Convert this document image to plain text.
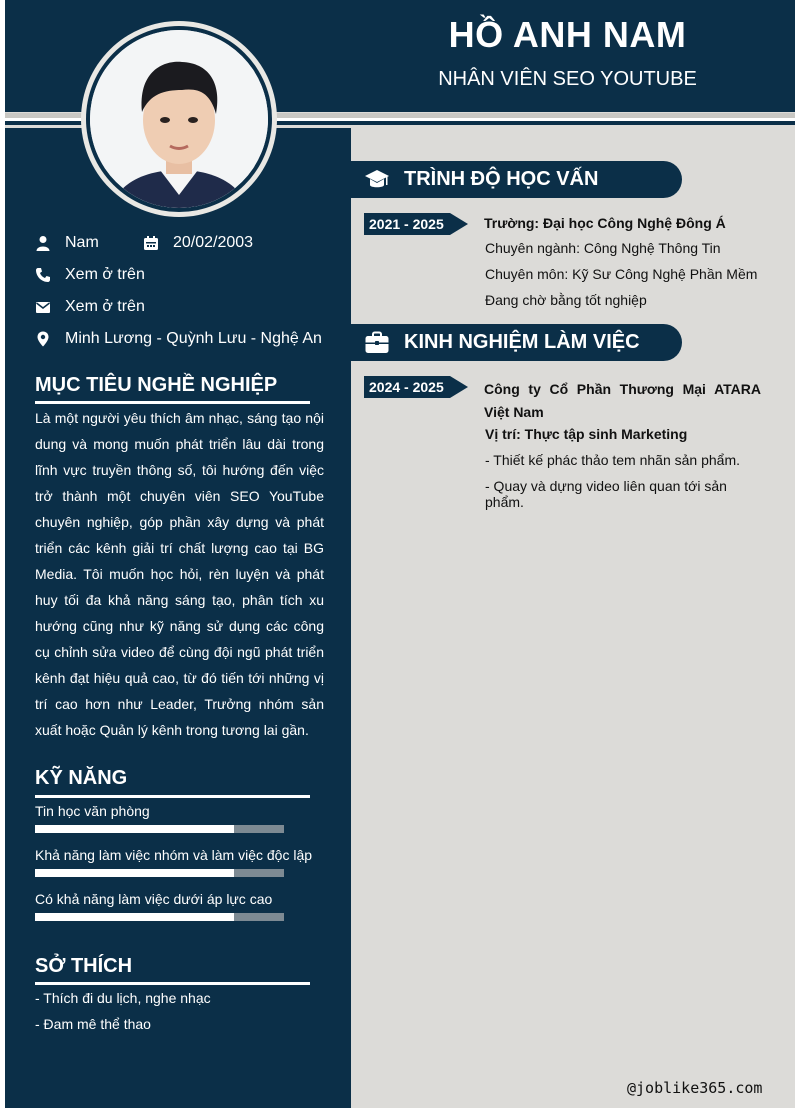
HỒ ANH NAM
NHÂN VIÊN SEO YOUTUBE
Nam	20/02/2003
Xem ở trên
Xem ở trên
Minh Lương - Quỳnh Lưu - Nghệ An
MỤC TIÊU NGHỀ NGHIỆP
Là một người yêu thích âm nhạc, sáng tạo nội dung và mong muốn phát triển lâu dài trong lĩnh vực truyền thông số, tôi hướng đến việc trở thành một chuyên viên SEO YouTube chuyên nghiệp, góp phần xây dựng và phát triển các kênh giải trí chất lượng cao tại BG Media. Tôi muốn học hỏi, rèn luyện và phát huy tối đa khả năng sáng tạo, phân tích xu hướng cũng như kỹ năng sử dụng các công cụ chỉnh sửa video để cùng đội ngũ phát triển kênh đạt hiệu quả cao, từ đó tiến tới những vị trí cao hơn như Leader, Trưởng nhóm sản xuất hoặc Quản lý kênh trong tương lai gần.
KỸ NĂNG
Tin học văn phòng
Khả năng làm việc nhóm và làm việc độc lập
Có khả năng làm việc dưới áp lực cao
SỞ THÍCH
- Thích đi du lịch, nghe nhạc
- Đam mê thể thao
TRÌNH ĐỘ HỌC VẤN
2021 - 2025	Trường: Đại học Công Nghệ Đông Á
Chuyên ngành: Công Nghệ Thông Tin
Chuyên môn: Kỹ Sư Công Nghệ Phần Mềm
Đang chờ bằng tốt nghiệp
KINH NGHIỆM LÀM VIỆC
2024 - 2025	Công ty Cổ Phần Thương Mại ATARA Việt Nam
Vị trí: Thực tập sinh Marketing
- Thiết kế phác thảo tem nhãn sản phẩm.
- Quay và dựng video liên quan tới sản phẩm.
@joblike365.com
